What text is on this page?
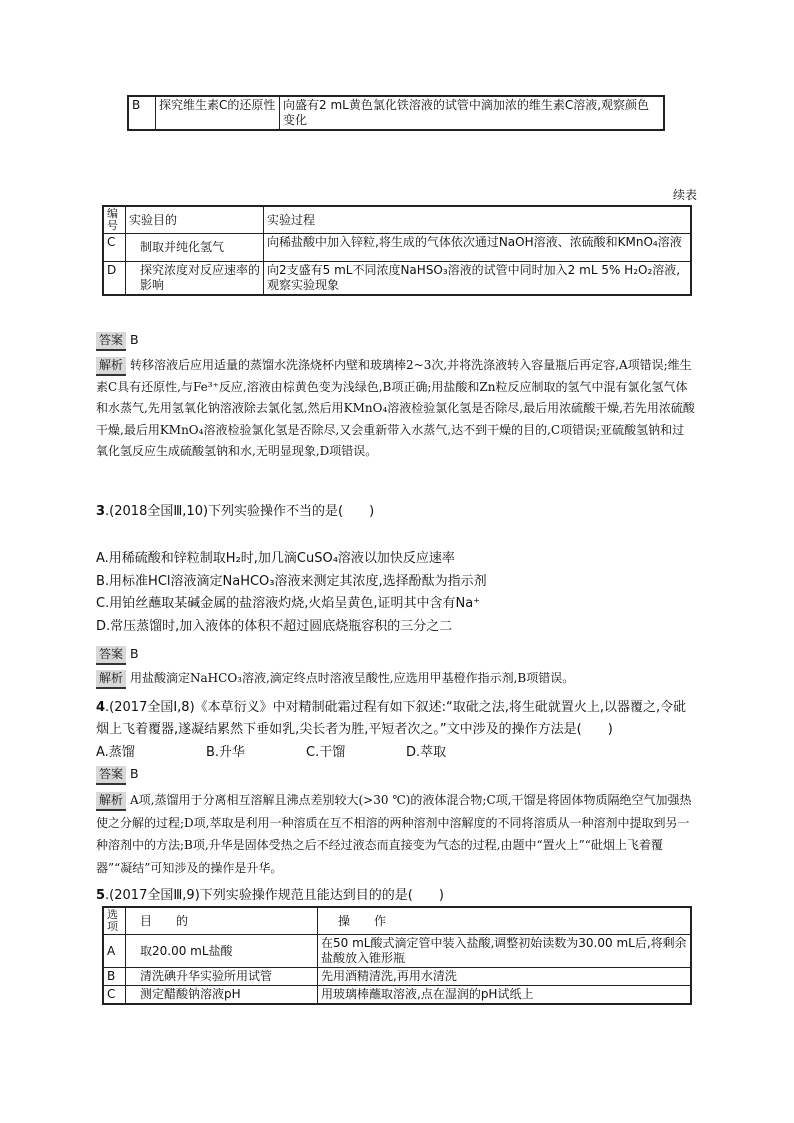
B	探究维生素C的还原性	向盛有2 mL黄色氯化铁溶液的试管中滴加浓的维生素C溶液,观察颜色变化
续表
编号	实验目的	实验过程
C	制取并纯化氢气	向稀盐酸中加入锌粒,将生成的气体依次通过NaOH溶液、浓硫酸和KMnO₄溶液
D	探究浓度对反应速率的影响	向2支盛有5 mL不同浓度NaHSO₃溶液的试管中同时加入2 mL 5% H₂O₂溶液,观察实验现象
答案 B
解析 转移溶液后应用适量的蒸馏水洗涤烧杯内壁和玻璃棒2~3次,并将洗涤液转入容量瓶后再定容,A项错误;维生素C具有还原性,与Fe³⁺反应,溶液由棕黄色变为浅绿色,B项正确;用盐酸和Zn粒反应制取的氢气中混有氯化氢气体和水蒸气,先用氢氧化钠溶液除去氯化氢,然后用KMnO₄溶液检验氯化氢是否除尽,最后用浓硫酸干燥,若先用浓硫酸干燥,最后用KMnO₄溶液检验氯化氢是否除尽,又会重新带入水蒸气,达不到干燥的目的,C项错误;亚硫酸氢钠和过氧化氢反应生成硫酸氢钠和水,无明显现象,D项错误。
3.(2018全国Ⅲ,10)下列实验操作不当的是(　　)
A.用稀硫酸和锌粒制取H₂时,加几滴CuSO₄溶液以加快反应速率
B.用标准HCl溶液滴定NaHCO₃溶液来测定其浓度,选择酚酞为指示剂
C.用铂丝蘸取某碱金属的盐溶液灼烧,火焰呈黄色,证明其中含有Na⁺
D.常压蒸馏时,加入液体的体积不超过圆底烧瓶容积的三分之二
答案 B
解析 用盐酸滴定NaHCO₃溶液,滴定终点时溶液呈酸性,应选用甲基橙作指示剂,B项错误。
4.(2017全国Ⅰ,8)《本草衍义》中对精制砒霜过程有如下叙述:“取砒之法,将生砒就置火上,以器覆之,令砒烟上飞着覆器,遂凝结累然下垂如乳,尖长者为胜,平短者次之。”文中涉及的操作方法是(　　)
A.蒸馏	B.升华	C.干馏	D.萃取
答案 B
解析 A项,蒸馏用于分离相互溶解且沸点差别较大(>30 ℃)的液体混合物;C项,干馏是将固体物质隔绝空气加强热使之分解的过程;D项,萃取是利用一种溶质在互不相溶的两种溶剂中溶解度的不同将溶质从一种溶剂中提取到另一种溶剂中的方法;B项,升华是固体受热之后不经过液态而直接变为气态的过程,由题中“置火上”“砒烟上飞着覆器”“凝结”可知涉及的操作是升华。
5.(2017全国Ⅲ,9)下列实验操作规范且能达到目的的是(　　)
选项	目　　的	操　　作
A	取20.00 mL盐酸	在50 mL酸式滴定管中装入盐酸,调整初始读数为30.00 mL后,将剩余盐酸放入锥形瓶
B	清洗碘升华实验所用试管	先用酒精清洗,再用水清洗
C	测定醋酸钠溶液pH	用玻璃棒蘸取溶液,点在湿润的pH试纸上
